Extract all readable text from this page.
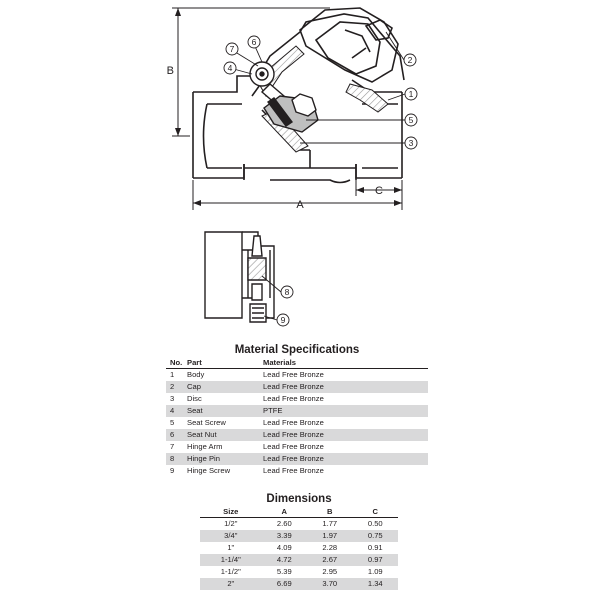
B
A
C
1
2
3
4
5
6
7
8
9
Material Specifications
No.	Part	Materials
1	Body	Lead Free Bronze
2	Cap	Lead Free Bronze
3	Disc	Lead Free Bronze
4	Seat	PTFE
5	Seat Screw	Lead Free Bronze
6	Seat Nut	Lead Free Bronze
7	Hinge Arm	Lead Free Bronze
8	Hinge Pin	Lead Free Bronze
9	Hinge Screw	Lead Free Bronze
Dimensions
Size	A	B	C
1/2"	2.60	1.77	0.50
3/4"	3.39	1.97	0.75
1"	4.09	2.28	0.91
1-1/4"	4.72	2.67	0.97
1-1/2"	5.39	2.95	1.09
2"	6.69	3.70	1.34
